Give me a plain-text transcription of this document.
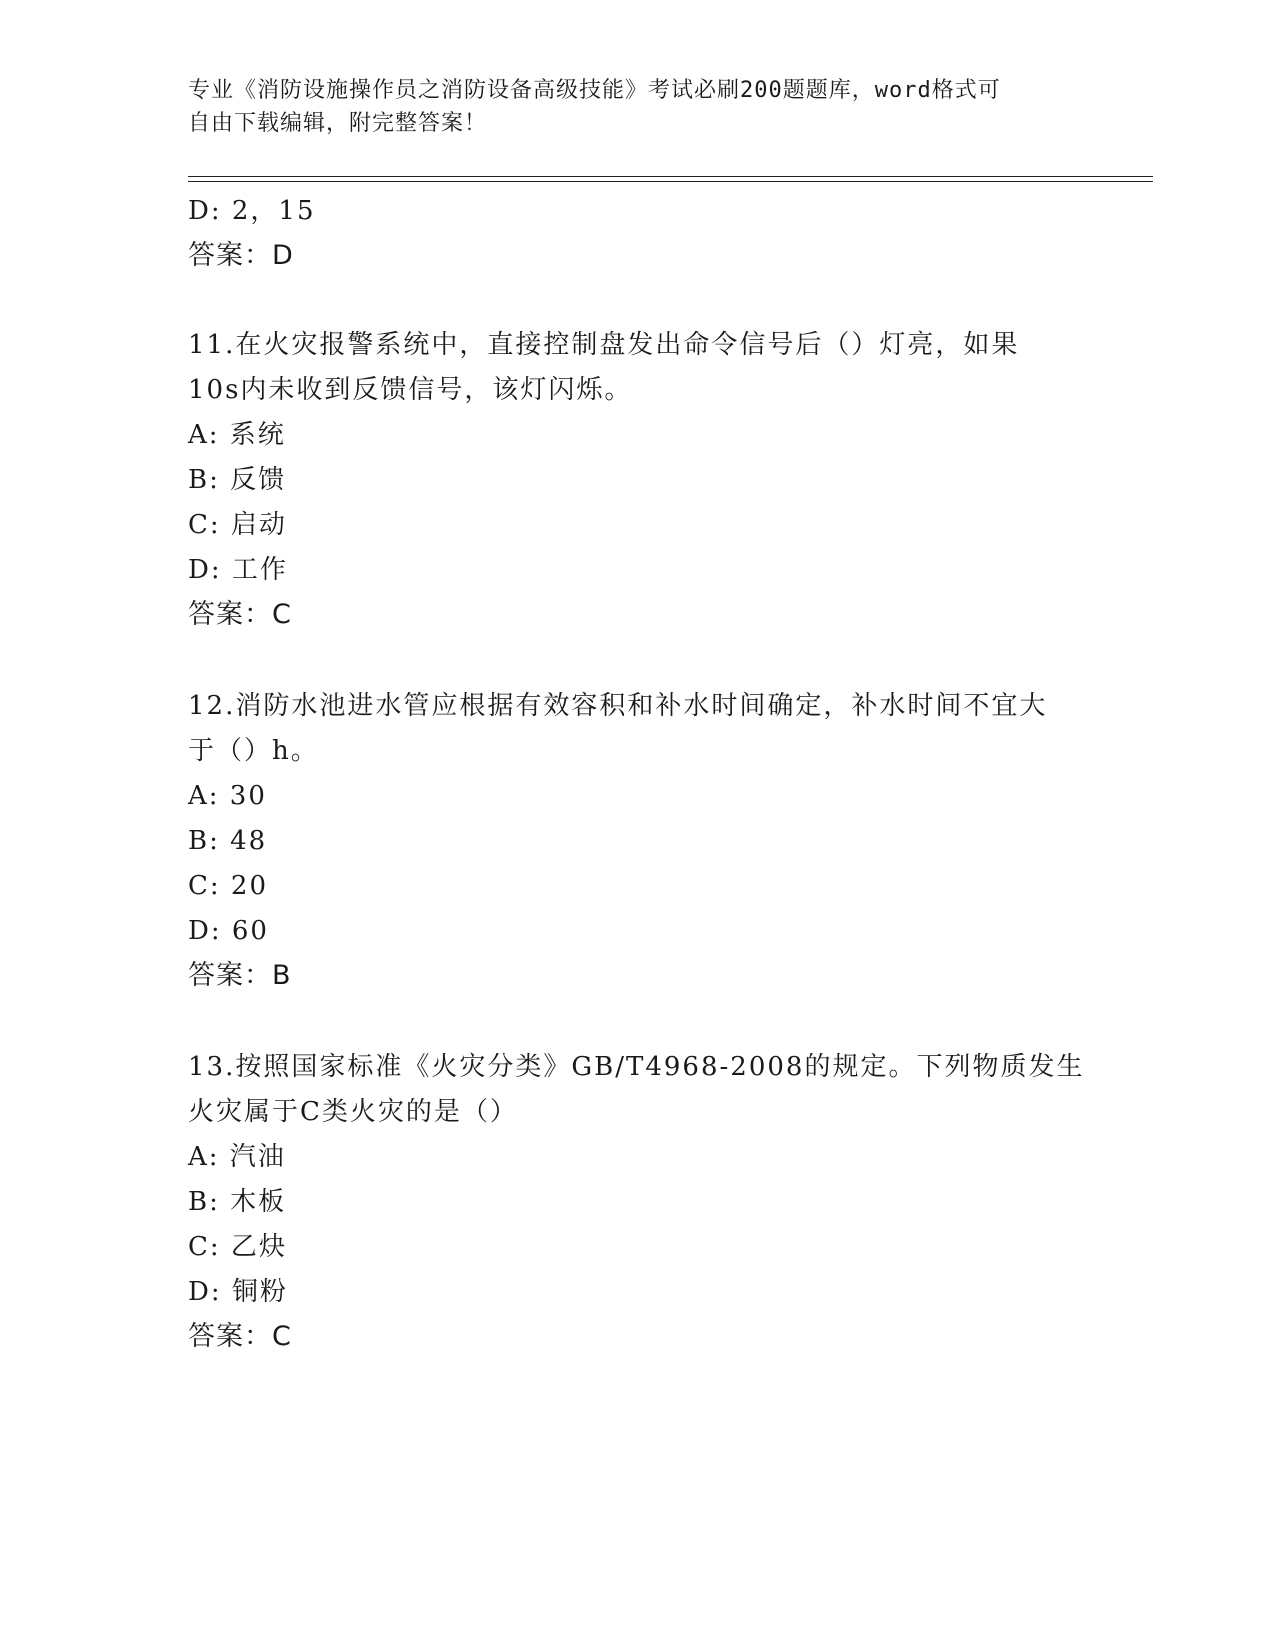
专业《消防设施操作员之消防设备高级技能》考试必刷200题题库，word格式可
自由下载编辑，附完整答案！
D: 2，15
答案：D
11.在火灾报警系统中，直接控制盘发出命令信号后（）灯亮，如果
10s内未收到反馈信号，该灯闪烁。
A: 系统
B: 反馈
C: 启动
D: 工作
答案：C
12.消防水池进水管应根据有效容积和补水时间确定，补水时间不宜大
于（）h。
A: 30
B: 48
C: 20
D: 60
答案：B
13.按照国家标准《火灾分类》GB/T4968-2008的规定。下列物质发生
火灾属于C类火灾的是（）
A: 汽油
B: 木板
C: 乙炔
D: 铜粉
答案：C
